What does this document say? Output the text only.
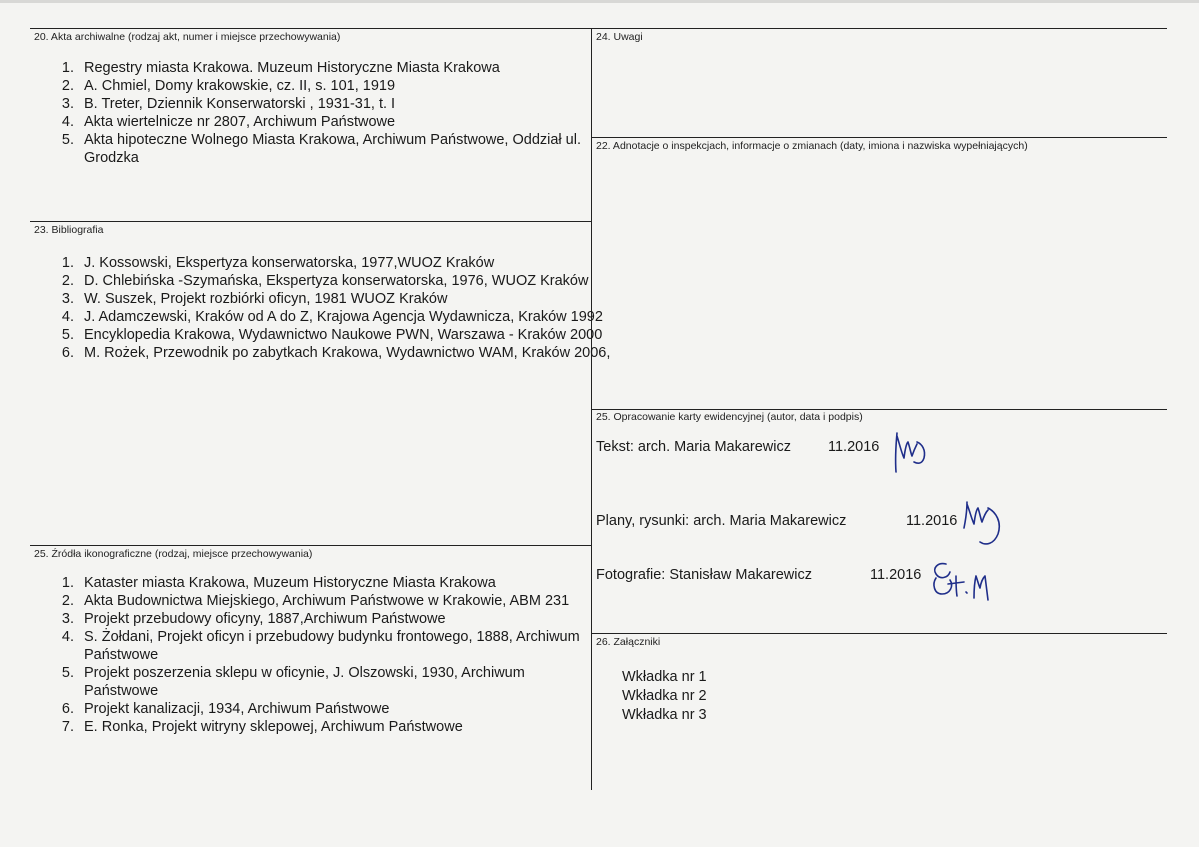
20. Akta archiwalne (rodzaj akt, numer i miejsce przechowywania)
1. Regestry miasta Krakowa. Muzeum Historyczne Miasta Krakowa
2. A. Chmiel, Domy krakowskie, cz. II, s. 101, 1919
3. B. Treter, Dziennik Konserwatorski , 1931-31, t. I
4. Akta wiertelnicze nr 2807, Archiwum Państwowe
5. Akta hipoteczne Wolnego Miasta Krakowa, Archiwum Państwowe, Oddział ul. Grodzka
24. Uwagi
22. Adnotacje o inspekcjach, informacje o zmianach (daty, imiona i nazwiska wypełniających)
23. Bibliografia
1. J. Kossowski, Ekspertyza konserwatorska, 1977,WUOZ Kraków
2. D. Chlebińska -Szymańska, Ekspertyza konserwatorska, 1976, WUOZ Kraków
3. W. Suszek, Projekt rozbiórki oficyn, 1981 WUOZ Kraków
4. J. Adamczewski, Kraków od A do Z, Krajowa Agencja Wydawnicza, Kraków 1992
5. Encyklopedia Krakowa, Wydawnictwo Naukowe PWN, Warszawa - Kraków 2000
6. M. Rożek, Przewodnik po zabytkach Krakowa, Wydawnictwo WAM, Kraków 2006,
25. Opracowanie karty ewidencyjnej (autor, data i podpis)
Tekst: arch. Maria Makarewicz	11.2016
Plany, rysunki: arch. Maria Makarewicz	11.2016
Fotografie: Stanisław Makarewicz	11.2016
25. Źródła ikonograficzne (rodzaj, miejsce przechowywania)
1. Kataster miasta Krakowa, Muzeum Historyczne Miasta Krakowa
2. Akta Budownictwa Miejskiego, Archiwum Państwowe w Krakowie, ABM 231
3. Projekt przebudowy oficyny, 1887,Archiwum Państwowe
4. S. Żołdani, Projekt oficyn i przebudowy budynku frontowego, 1888, Archiwum Państwowe
5. Projekt poszerzenia sklepu w oficynie, J. Olszowski, 1930, Archiwum Państwowe
6. Projekt kanalizacji, 1934, Archiwum Państwowe
7. E. Ronka, Projekt witryny sklepowej, Archiwum Państwowe
26. Załączniki
Wkładka nr 1
Wkładka nr 2
Wkładka nr 3
